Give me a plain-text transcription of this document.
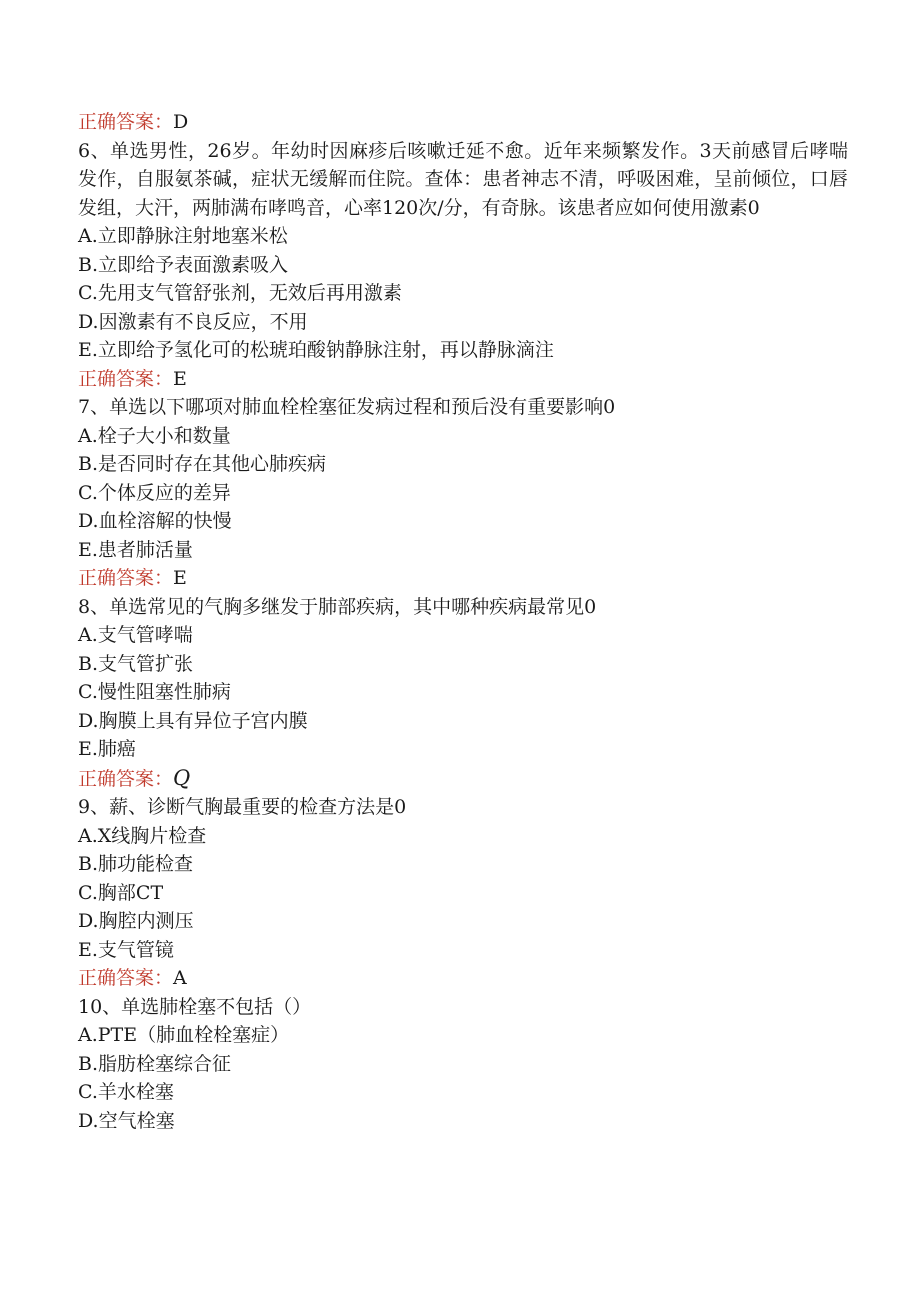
正确答案：D
6、单选男性，26岁。年幼时因麻疹后咳嗽迁延不愈。近年来频繁发作。3天前感冒后哮喘发作，自服氨茶碱，症状无缓解而住院。查体：患者神志不清，呼吸困难，呈前倾位，口唇发组，大汗，两肺满布哮鸣音，心率120次/分，有奇脉。该患者应如何使用激素0
A.立即静脉注射地塞米松
B.立即给予表面激素吸入
C.先用支气管舒张剂，无效后再用激素
D.因激素有不良反应，不用
E.立即给予氢化可的松琥珀酸钠静脉注射，再以静脉滴注
正确答案：E
7、单选以下哪项对肺血栓栓塞征发病过程和预后没有重要影响0
A.栓子大小和数量
B.是否同时存在其他心肺疾病
C.个体反应的差异
D.血栓溶解的快慢
E.患者肺活量
正确答案：E
8、单选常见的气胸多继发于肺部疾病，其中哪种疾病最常见0
A.支气管哮喘
B.支气管扩张
C.慢性阻塞性肺病
D.胸膜上具有异位子宫内膜
E.肺癌
正确答案：Q
9、薪、诊断气胸最重要的检查方法是0
A.X线胸片检查
B.肺功能检查
C.胸部CT
D.胸腔内测压
E.支气管镜
正确答案：A
10、单选肺栓塞不包括（）
A.PTE（肺血栓栓塞症）
B.脂肪栓塞综合征
C.羊水栓塞
D.空气栓塞
